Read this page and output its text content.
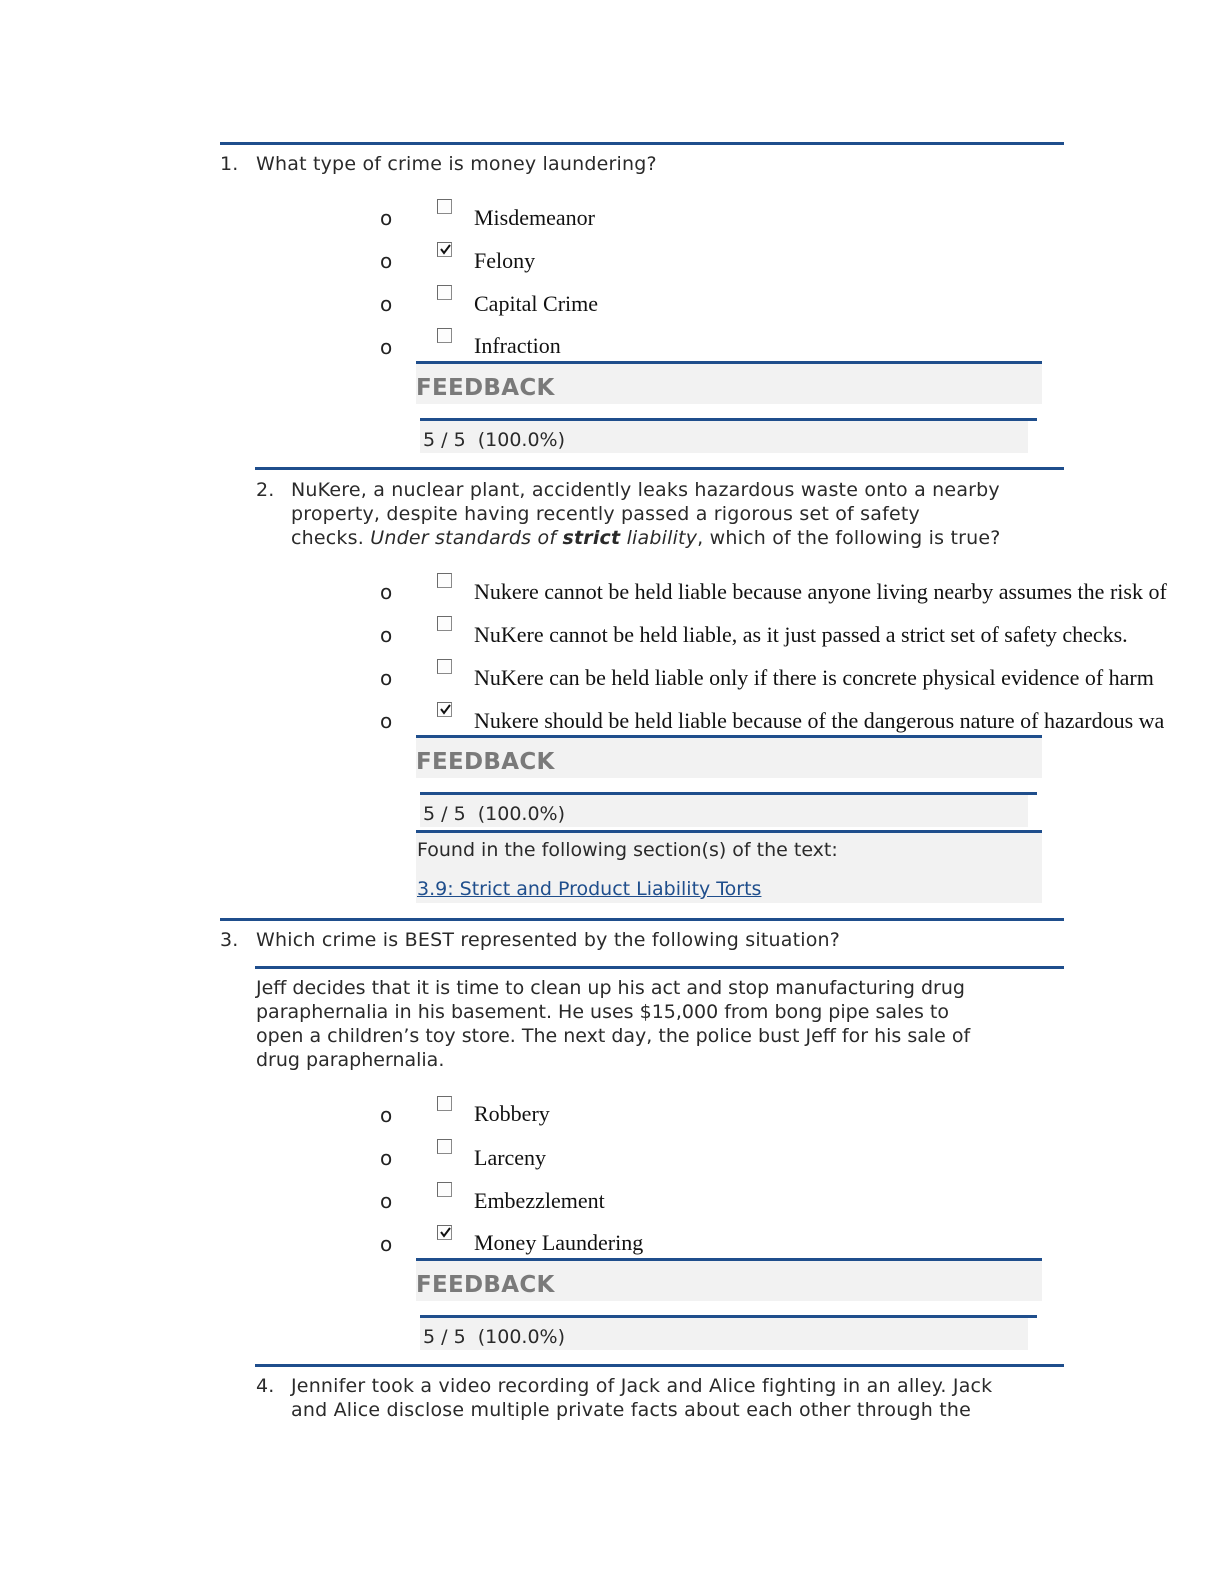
1. What type of crime is money laundering?
o	Misdemeanor
o	Felony
o	Capital Crime
o	Infraction
FEEDBACK
5 / 5  (100.0%)
2. NuKere, a nuclear plant, accidently leaks hazardous waste onto a nearby
property, despite having recently passed a rigorous set of safety
checks. Under standards of strict liability, which of the following is true?
o	Nukere cannot be held liable because anyone living nearby assumes the risk of
o	NuKere cannot be held liable, as it just passed a strict set of safety checks.
o	NuKere can be held liable only if there is concrete physical evidence of harm
o	Nukere should be held liable because of the dangerous nature of hazardous wa
FEEDBACK
5 / 5  (100.0%)
Found in the following section(s) of the text:
3.9: Strict and Product Liability Torts
3. Which crime is BEST represented by the following situation?
Jeff decides that it is time to clean up his act and stop manufacturing drug
paraphernalia in his basement. He uses $15,000 from bong pipe sales to
open a children’s toy store. The next day, the police bust Jeff for his sale of
drug paraphernalia.
o	Robbery
o	Larceny
o	Embezzlement
o	Money Laundering
FEEDBACK
5 / 5  (100.0%)
4. Jennifer took a video recording of Jack and Alice fighting in an alley. Jack
and Alice disclose multiple private facts about each other through the
